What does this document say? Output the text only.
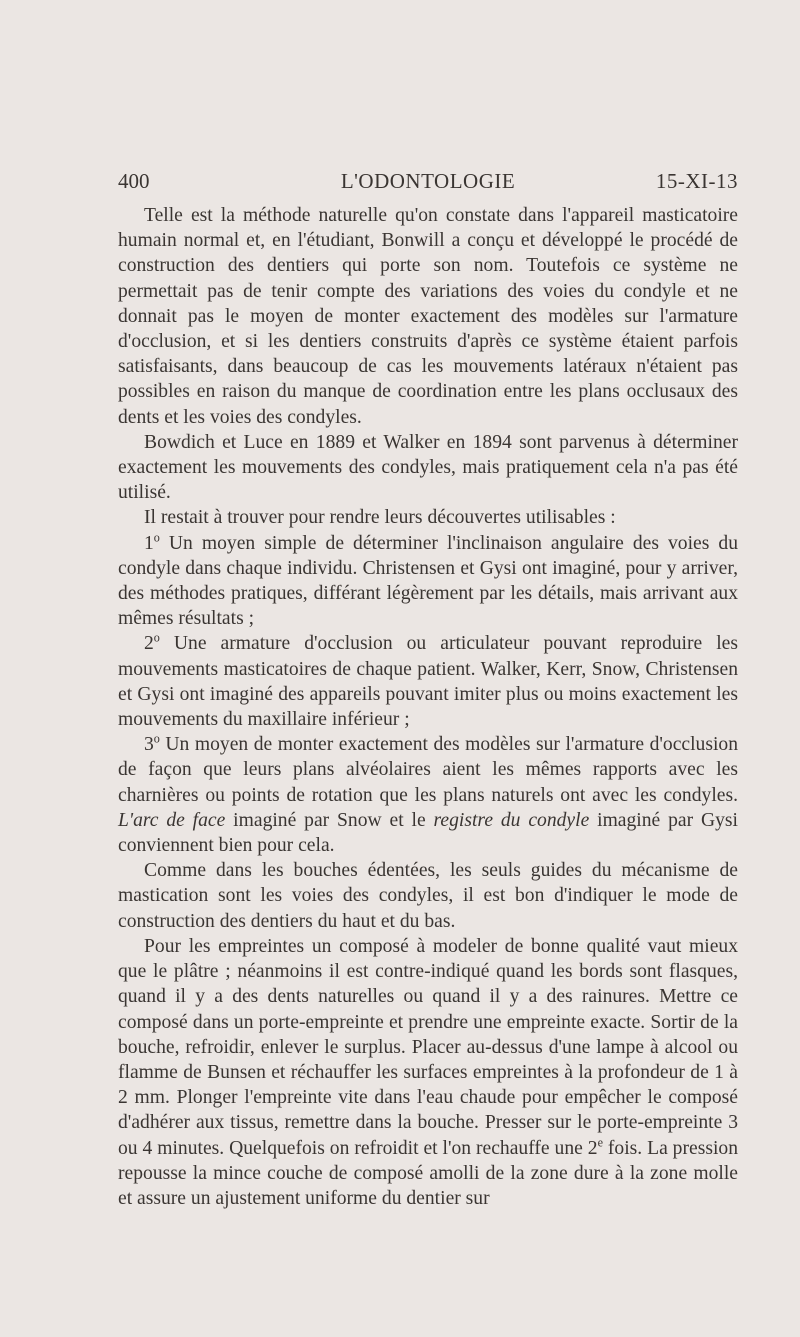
400	L'ODONTOLOGIE	15-XI-13

Telle est la méthode naturelle qu'on constate dans l'appareil masticatoire humain normal et, en l'étudiant, Bonwill a conçu et développé le procédé de construction des dentiers qui porte son nom. Toutefois ce système ne permettait pas de tenir compte des variations des voies du condyle et ne donnait pas le moyen de monter exactement des modèles sur l'armature d'occlusion, et si les dentiers construits d'après ce système étaient parfois satisfaisants, dans beaucoup de cas les mouvements latéraux n'étaient pas possibles en raison du manque de coordination entre les plans occlusaux des dents et les voies des condyles.

Bowdich et Luce en 1889 et Walker en 1894 sont parvenus à déterminer exactement les mouvements des condyles, mais pratiquement cela n'a pas été utilisé.

Il restait à trouver pour rendre leurs découvertes utilisables :

1$^o$ Un moyen simple de déterminer l'inclinaison angulaire des voies du condyle dans chaque individu. Christensen et Gysi ont imaginé, pour y arriver, des méthodes pratiques, différant légèrement par les détails, mais arrivant aux mêmes résultats ;

2$^o$ Une armature d'occlusion ou articulateur pouvant reproduire les mouvements masticatoires de chaque patient. Walker, Kerr, Snow, Christensen et Gysi ont imaginé des appareils pouvant imiter plus ou moins exactement les mouvements du maxillaire inférieur ;

3$^o$ Un moyen de monter exactement des modèles sur l'armature d'occlusion de façon que leurs plans alvéolaires aient les mêmes rapports avec les charnières ou points de rotation que les plans naturels ont avec les condyles. L'arc de face imaginé par Snow et le registre du condyle imaginé par Gysi conviennent bien pour cela.

Comme dans les bouches édentées, les seuls guides du mécanisme de mastication sont les voies des condyles, il est bon d'indiquer le mode de construction des dentiers du haut et du bas.

Pour les empreintes un composé à modeler de bonne qualité vaut mieux que le plâtre ; néanmoins il est contre-indiqué quand les bords sont flasques, quand il y a des dents naturelles ou quand il y a des rainures. Mettre ce composé dans un porte-empreinte et prendre une empreinte exacte. Sortir de la bouche, refroidir, enlever le surplus. Placer au-dessus d'une lampe à alcool ou flamme de Bunsen et réchauffer les surfaces empreintes à la profondeur de 1 à 2 mm. Plonger l'empreinte vite dans l'eau chaude pour empêcher le composé d'adhérer aux tissus, remettre dans la bouche. Presser sur le porte-empreinte 3 ou 4 minutes. Quelquefois on refroidit et l'on rechauffe une 2e fois. La pression repousse la mince couche de composé amolli de la zone dure à la zone molle et assure un ajustement uniforme du dentier sur
